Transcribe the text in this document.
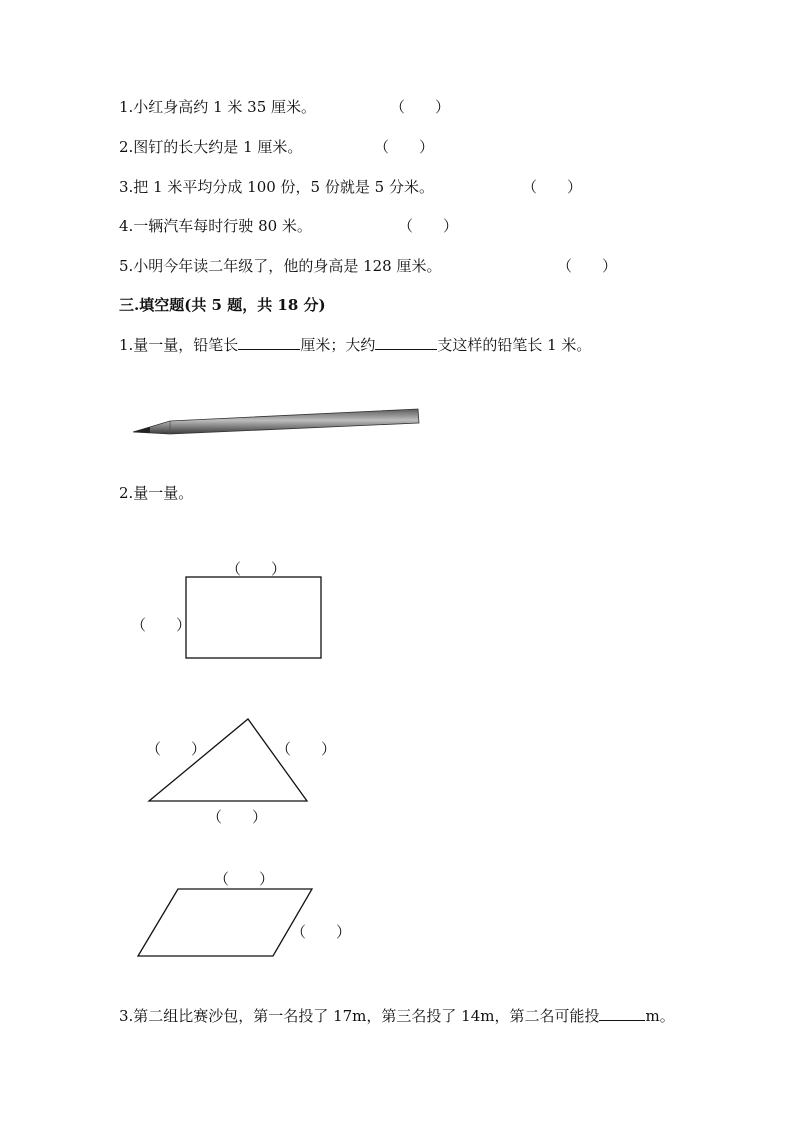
1.小红身高约 1 米 35 厘米。	（　　）
2.图钉的长大约是 1 厘米。	（　　）
3.把 1 米平均分成 100 份，5 份就是 5 分米。	（　　）
4.一辆汽车每时行驶 80 米。	（　　）
5.小明今年读二年级了，他的身高是 128 厘米。	（　　）
三.填空题(共 5 题，共 18 分)
1.量一量，铅笔长	厘米；大约	支这样的铅笔长 1 米。
2.量一量。
（　　）
（　　）
（　　）	（　　）
（　　）
（　　）
（　　）
3.第二组比赛沙包，第一名投了 17m，第三名投了 14m，第二名可能投	m。
